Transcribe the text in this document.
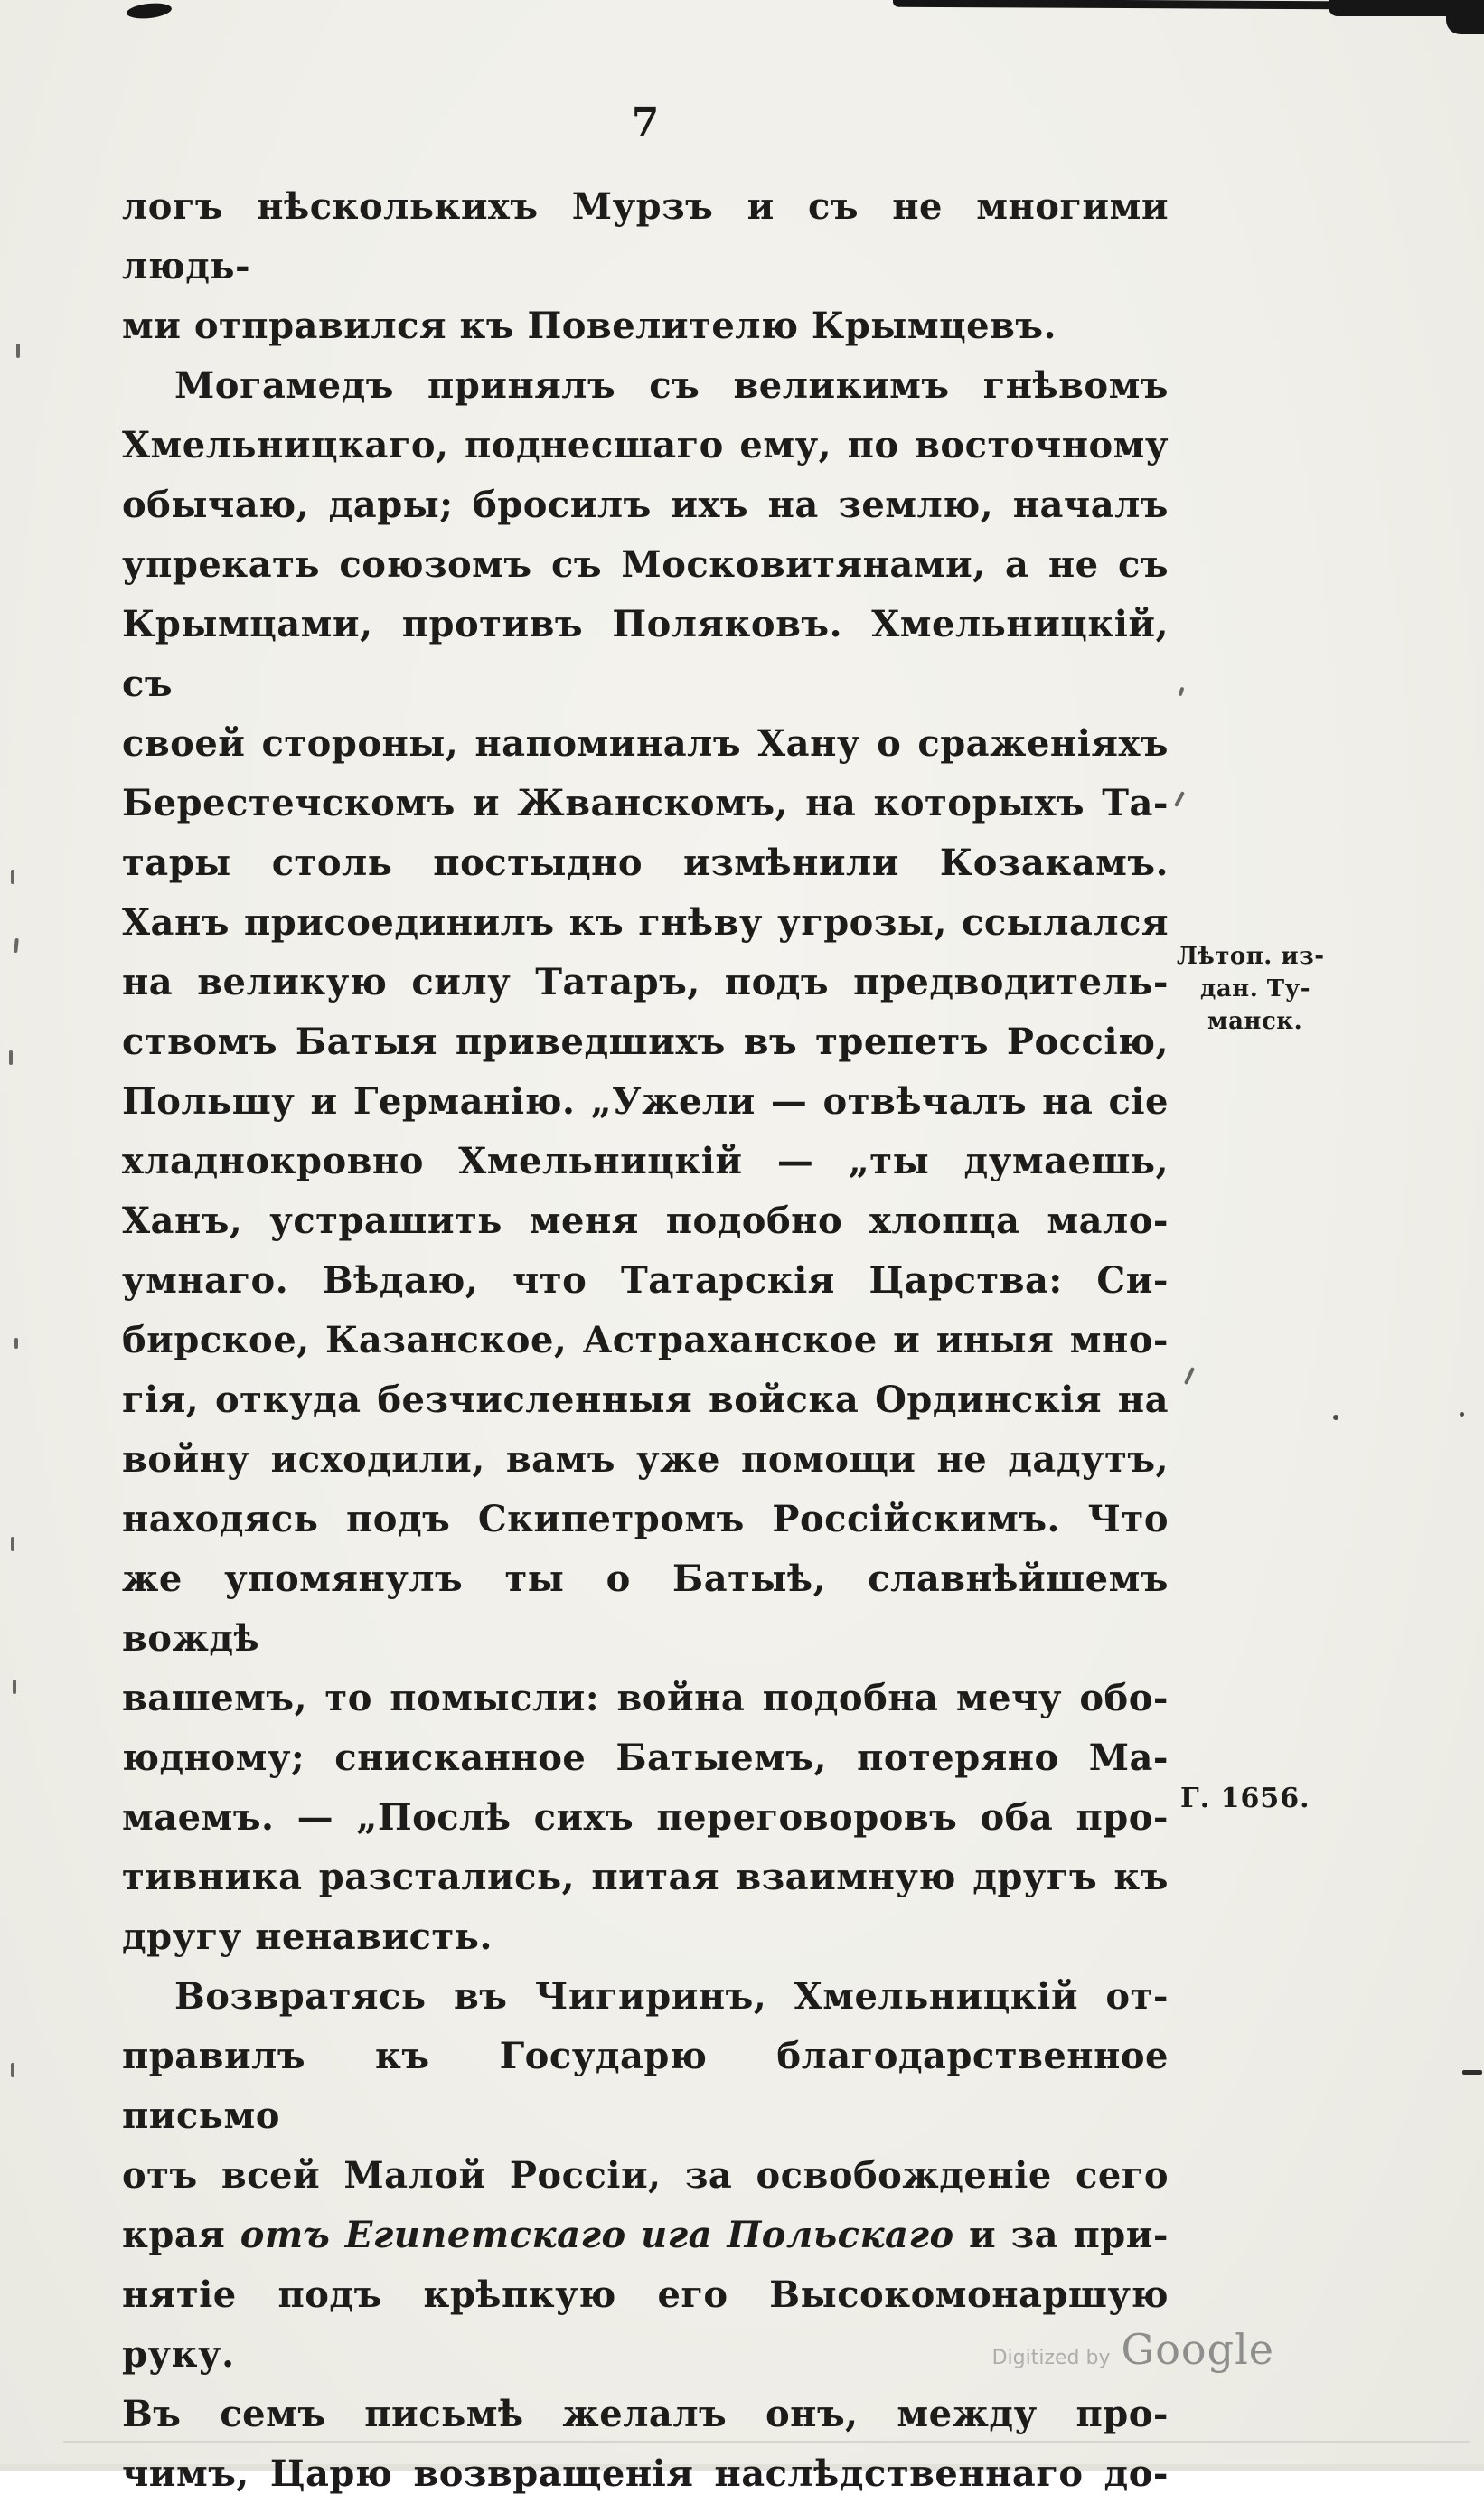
7
логъ нѣсколькихъ Мурзъ и съ не многими людь-
ми отправился къ Повелителю Крымцевъ.
Могамедъ принялъ съ великимъ гнѣвомъ
Хмельницкаго, поднесшаго ему, по восточному
обычаю, дары; бросилъ ихъ на землю, началъ
упрекать союзомъ съ Московитянами, а не съ
Крымцами, противъ Поляковъ. Хмельницкій, съ
своей стороны, напоминалъ Хану о сраженіяхъ
Берестечскомъ и Жванскомъ, на которыхъ Та-
тары столь постыдно измѣнили Козакамъ.
Ханъ присоединилъ къ гнѣву угрозы, ссылался
на великую силу Татаръ, подъ предводитель-
ствомъ Батыя приведшихъ въ трепетъ Россію,
Польшу и Германію. „Ужели — отвѣчалъ на сіе
хладнокровно Хмельницкій — „ты думаешь,
Ханъ, устрашить меня подобно хлопца мало-
умнаго. Вѣдаю, что Татарскія Царства: Си-
бирское, Казанское, Астраханское и иныя мно-
гія, откуда безчисленныя войска Ординскія на
войну исходили, вамъ уже помощи не дадутъ,
находясь подъ Скипетромъ Россійскимъ. Что
же упомянулъ ты о Батыѣ, славнѣйшемъ вождѣ
вашемъ, то помысли: война подобна мечу обо-
юдному; снисканное Батыемъ, потеряно Ма-
маемъ. — „Послѣ сихъ переговоровъ оба про-
тивника разстались, питая взаимную другъ къ
другу ненависть.
Возвратясь въ Чигиринъ, Хмельницкій от-
правилъ къ Государю благодарственное письмо
отъ всей Малой Россіи, за освобожденіе сего
края отъ Египетскаго ига Польскаго и за при-
нятіе подъ крѣпкую его Высокомонаршую руку.
Въ семъ письмѣ желалъ онъ, между про-
чимъ, Царю возвращенія наслѣдственнаго до-
Лѣтоп. из-
дан. Ту-
манск.
Г. 1656.
Digitized by Google
